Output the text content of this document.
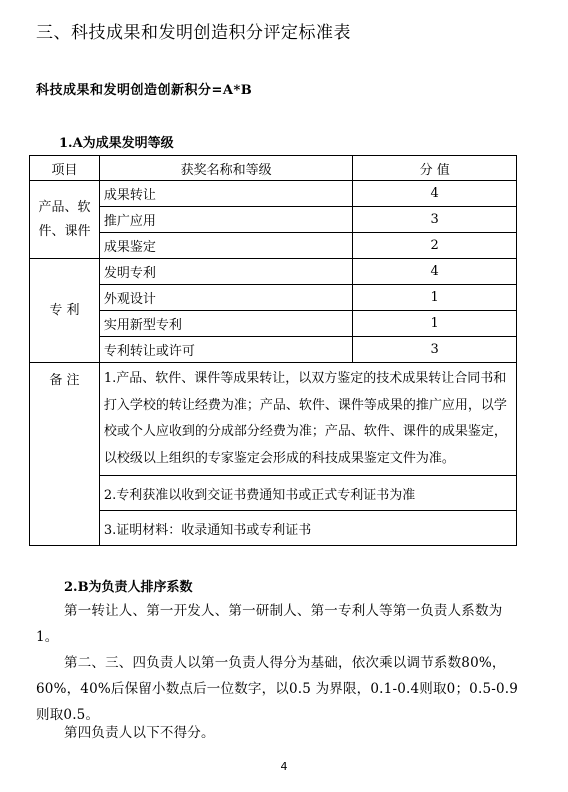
三、科技成果和发明创造积分评定标准表
科技成果和发明创造创新积分=A*B
1.A为成果发明等级
项目	获奖名称和等级	分 值
产品、软件、课件	成果转让	4
	推广应用	3
	成果鉴定	2
专 利	发明专利	4
	外观设计	1
	实用新型专利	1
	专利转让或许可	3
备 注	1.产品、软件、课件等成果转让，以双方鉴定的技术成果转让合同书和打入学校的转让经费为准；产品、软件、课件等成果的推广应用，以学校或个人应收到的分成部分经费为准；产品、软件、课件的成果鉴定，以校级以上组织的专家鉴定会形成的科技成果鉴定文件为准。	
	2.专利获准以收到交证书费通知书或正式专利证书为准	
	3.证明材料：收录通知书或专利证书	
2.B为负责人排序系数
第一转让人、第一开发人、第一研制人、第一专利人等第一负责人系数为1。
第二、三、四负责人以第一负责人得分为基础，依次乘以调节系数80%，60%，40%后保留小数点后一位数字，以0.5 为界限，0.1-0.4则取0；0.5-0.9则取0.5。
第四负责人以下不得分。
4
